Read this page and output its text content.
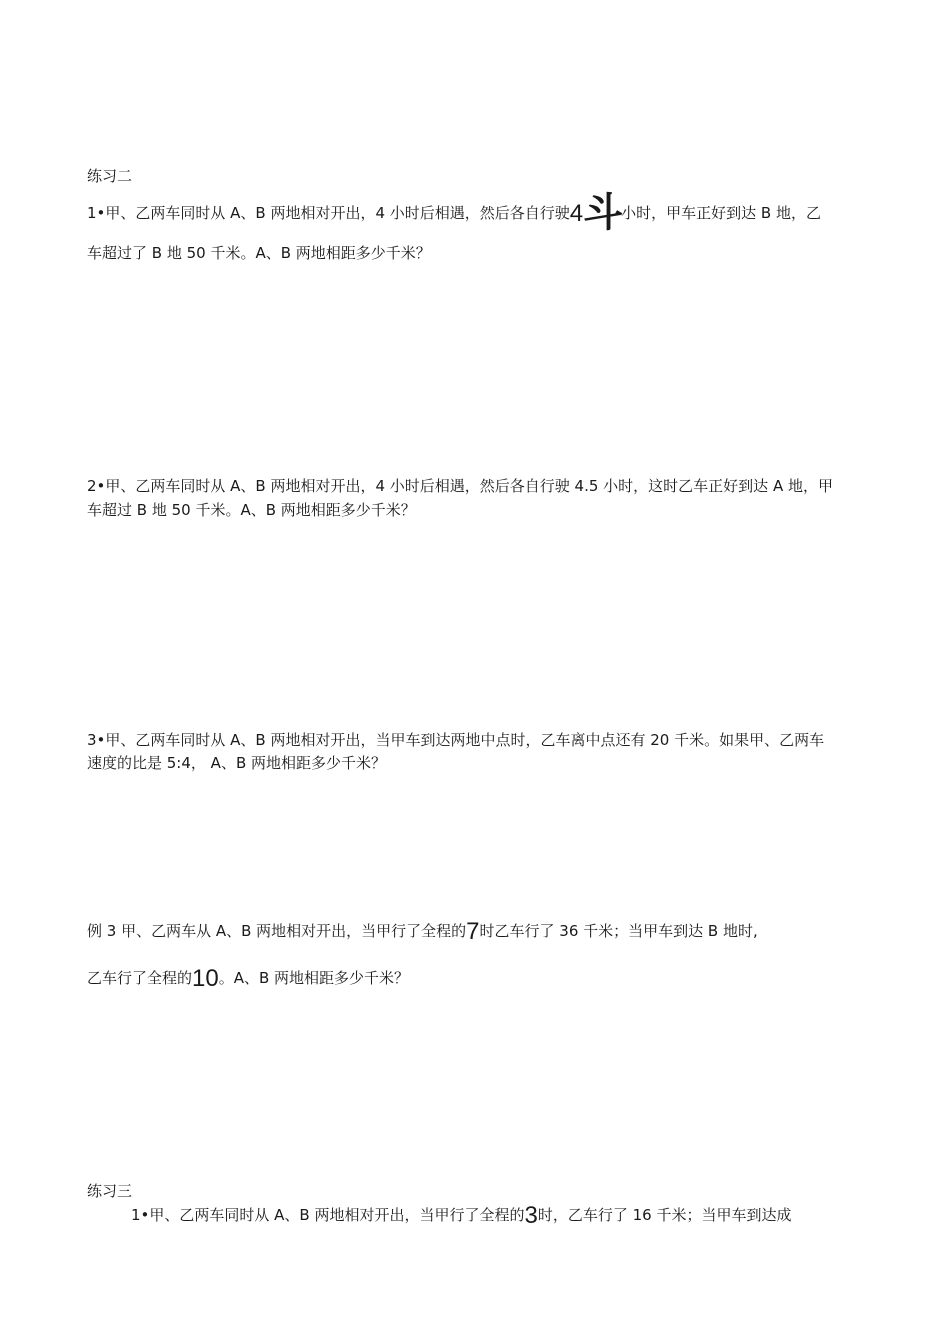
练习二
1•甲、乙两车同时从 A、B 两地相对开出，4 小时后相遇，然后各自行驶4斗小时，甲车正好到达 B 地，乙
车超过了 B 地 50 千米。A、B 两地相距多少千米？
2•甲、乙两车同时从 A、B 两地相对开出，4 小时后相遇，然后各自行驶 4.5 小时，这时乙车正好到达 A 地，甲
车超过 B 地 50 千米。A、B 两地相距多少千米？
3•甲、乙两车同时从 A、B 两地相对开出，当甲车到达两地中点时，乙车离中点还有 20 千米。如果甲、乙两车
速度的比是 5:4， A、B 两地相距多少千米？
例 3 甲、乙两车从 A、B 两地相对开出，当甲行了全程的7时乙车行了 36 千米；当甲车到达 B 地时,
乙车行了全程的10。A、B 两地相距多少千米？
练习三
1•甲、乙两车同时从 A、B 两地相对开出，当甲行了全程的3时，乙车行了 16 千米；当甲车到达成
